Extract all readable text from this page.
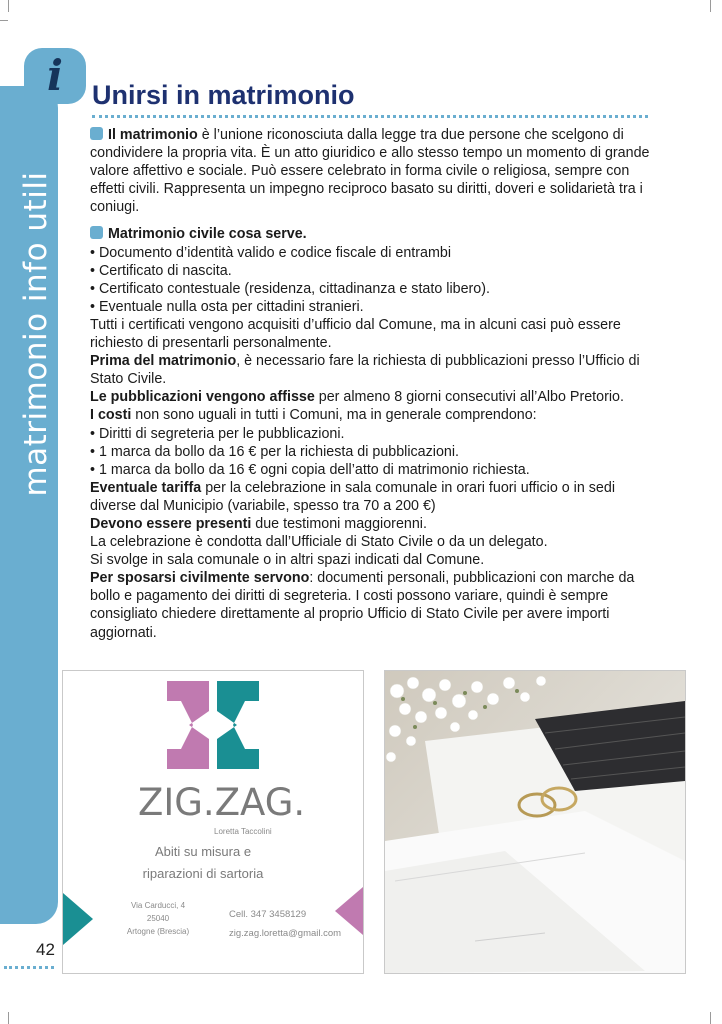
matrimonio info utili
i
42
Unirsi in matrimonio

Il matrimonio è l’unione riconosciuta dalla legge tra due persone che scelgono di condividere la propria vita. È un atto giuridico e allo stesso tempo un momento di grande valore affettivo e sociale. Può essere celebrato in forma civile o religiosa, sempre con effetti civili. Rappresenta un impegno reciproco basato su diritti, doveri e solidarietà tra i coniugi.

Matrimonio civile cosa serve.

• Documento d’identità valido e codice fiscale di entrambi

• Certificato di nascita.

• Certificato contestuale (residenza, cittadinanza e stato libero).

• Eventuale nulla osta per cittadini stranieri.

Tutti i certificati vengono acquisiti d’ufficio dal Comune, ma in alcuni casi può essere richiesto di presentarli personalmente.

Prima del matrimonio, è necessario fare la richiesta di pubblicazioni presso l’Ufficio di Stato Civile.

Le pubblicazioni vengono affisse per almeno 8 giorni consecutivi all’Albo Pretorio.

I costi non sono uguali in tutti i Comuni, ma in generale comprendono:

• Diritti di segreteria per le pubblicazioni.

• 1 marca da bollo da 16 € per la richiesta di pubblicazioni.

• 1 marca da bollo da 16 € ogni copia dell’atto di matrimonio richiesta.

Eventuale tariffa per la celebrazione in sala comunale in orari fuori ufficio o in sedi diverse dal Municipio (variabile, spesso tra 70 a 200 €)

Devono essere presenti due testimoni maggiorenni.

La celebrazione è condotta dall’Ufficiale di Stato Civile o da un delegato.

Si svolge in sala comunale o in altri spazi indicati dal Comune.

Per sposarsi civilmente servono: documenti personali, pubblicazioni con marche da bollo e pagamento dei diritti di segreteria. I costi possono variare, quindi è sempre consigliato chiedere direttamente al proprio Ufficio di Stato Civile per avere importi aggiornati.

ZIG.ZAG.
Loretta Taccolini
Abiti su misura e
riparazioni di sartoria
Via Carducci, 4
25040
Artogne (Brescia)
Cell. 347 3458129
zig.zag.loretta@gmail.com
